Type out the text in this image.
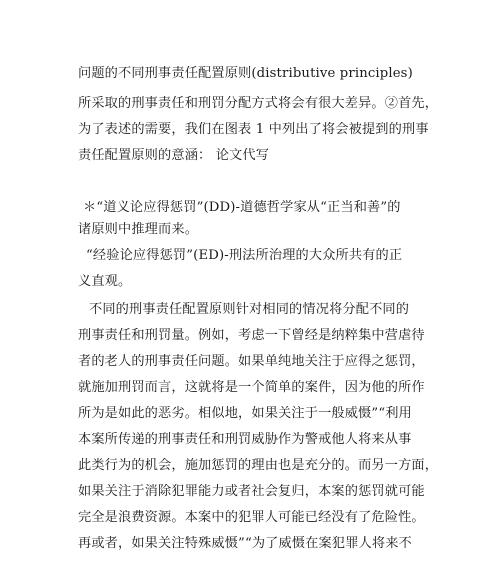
问题的不同刑事责任配置原则(distributive principles)
所采取的刑事责任和刑罚分配方式将会有很大差异。②首先，
为了表述的需要，我们在图表 1 中列出了将会被提到的刑事
责任配置原则的意涵： 论文代写
＊“道义论应得惩罚”(DD)-道德哲学家从“正当和善”的
诸原则中推理而来。
“经验论应得惩罚”(ED)-刑法所治理的大众所共有的正
义直观。
不同的刑事责任配置原则针对相同的情况将分配不同的
刑事责任和刑罚量。例如，考虑一下曾经是纳粹集中营虐待
者的老人的刑事责任问题。如果单纯地关注于应得之惩罚，
就施加刑罚而言，这就将是一个简单的案件，因为他的所作
所为是如此的恶劣。相似地，如果关注于一般威慑”“利用
本案所传递的刑事责任和刑罚威胁作为警戒他人将来从事
此类行为的机会，施加惩罚的理由也是充分的。而另一方面，
如果关注于消除犯罪能力或者社会复归，本案的惩罚就可能
完全是浪费资源。本案中的犯罪人可能已经没有了危险性。
再或者，如果关注特殊威慑”“为了威慑在案犯罪人将来不
